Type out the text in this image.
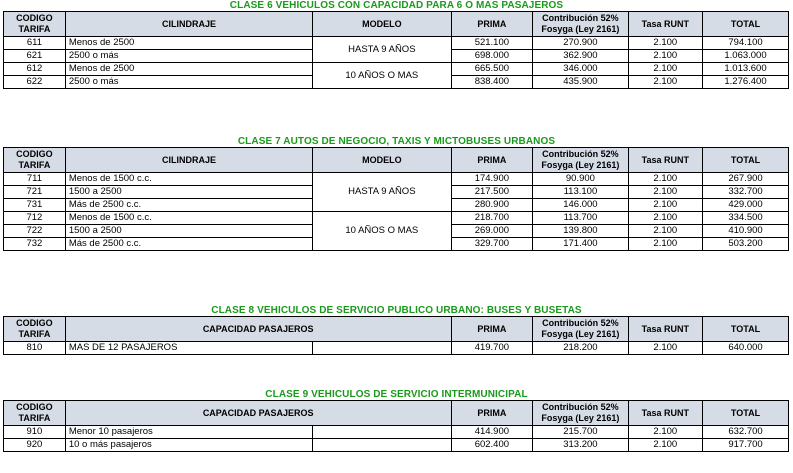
CLASE 6 VEHICULOS CON CAPACIDAD PARA 6 O MAS PASAJEROS
CODIGO TARIFA	CILINDRAJE	MODELO	PRIMA	Contribución 52% Fosyga (Ley 2161)	Tasa RUNT	TOTAL
611	Menos de 2500	HASTA 9 AÑOS	521.100	270.900	2.100	794.100
621	2500 o más		698.000	362.900	2.100	1.063.000
612	Menos de 2500	10 AÑOS O MAS	665.500	346.000	2.100	1.013.600
622	2500 o más		838.400	435.900	2.100	1.276.400
CLASE 7 AUTOS DE NEGOCIO, TAXIS Y MICTOBUSES URBANOS
CODIGO TARIFA	CILINDRAJE	MODELO	PRIMA	Contribución 52% Fosyga (Ley 2161)	Tasa RUNT	TOTAL
711	Menos de 1500 c.c.	HASTA 9 AÑOS	174.900	90.900	2.100	267.900
721	1500 a 2500		217.500	113.100	2.100	332.700
731	Más de 2500 c.c.		280.900	146.000	2.100	429.000
712	Menos de 1500 c.c.	10 AÑOS O MAS	218.700	113.700	2.100	334.500
722	1500 a 2500		269.000	139.800	2.100	410.900
732	Más de 2500 c.c.		329.700	171.400	2.100	503.200
CLASE 8 VEHICULOS DE SERVICIO PUBLICO URBANO: BUSES Y BUSETAS
CODIGO TARIFA	CAPACIDAD PASAJEROS		PRIMA	Contribución 52% Fosyga (Ley 2161)	Tasa RUNT	TOTAL
810	MAS DE 12 PASAJEROS		419.700	218.200	2.100	640.000
CLASE 9 VEHICULOS DE SERVICIO INTERMUNICIPAL
CODIGO TARIFA	CAPACIDAD PASAJEROS		PRIMA	Contribución 52% Fosyga (Ley 2161)	Tasa RUNT	TOTAL
910	Menor 10 pasajeros		414.900	215.700	2.100	632.700
920	10 o más pasajeros		602.400	313.200	2.100	917.700
